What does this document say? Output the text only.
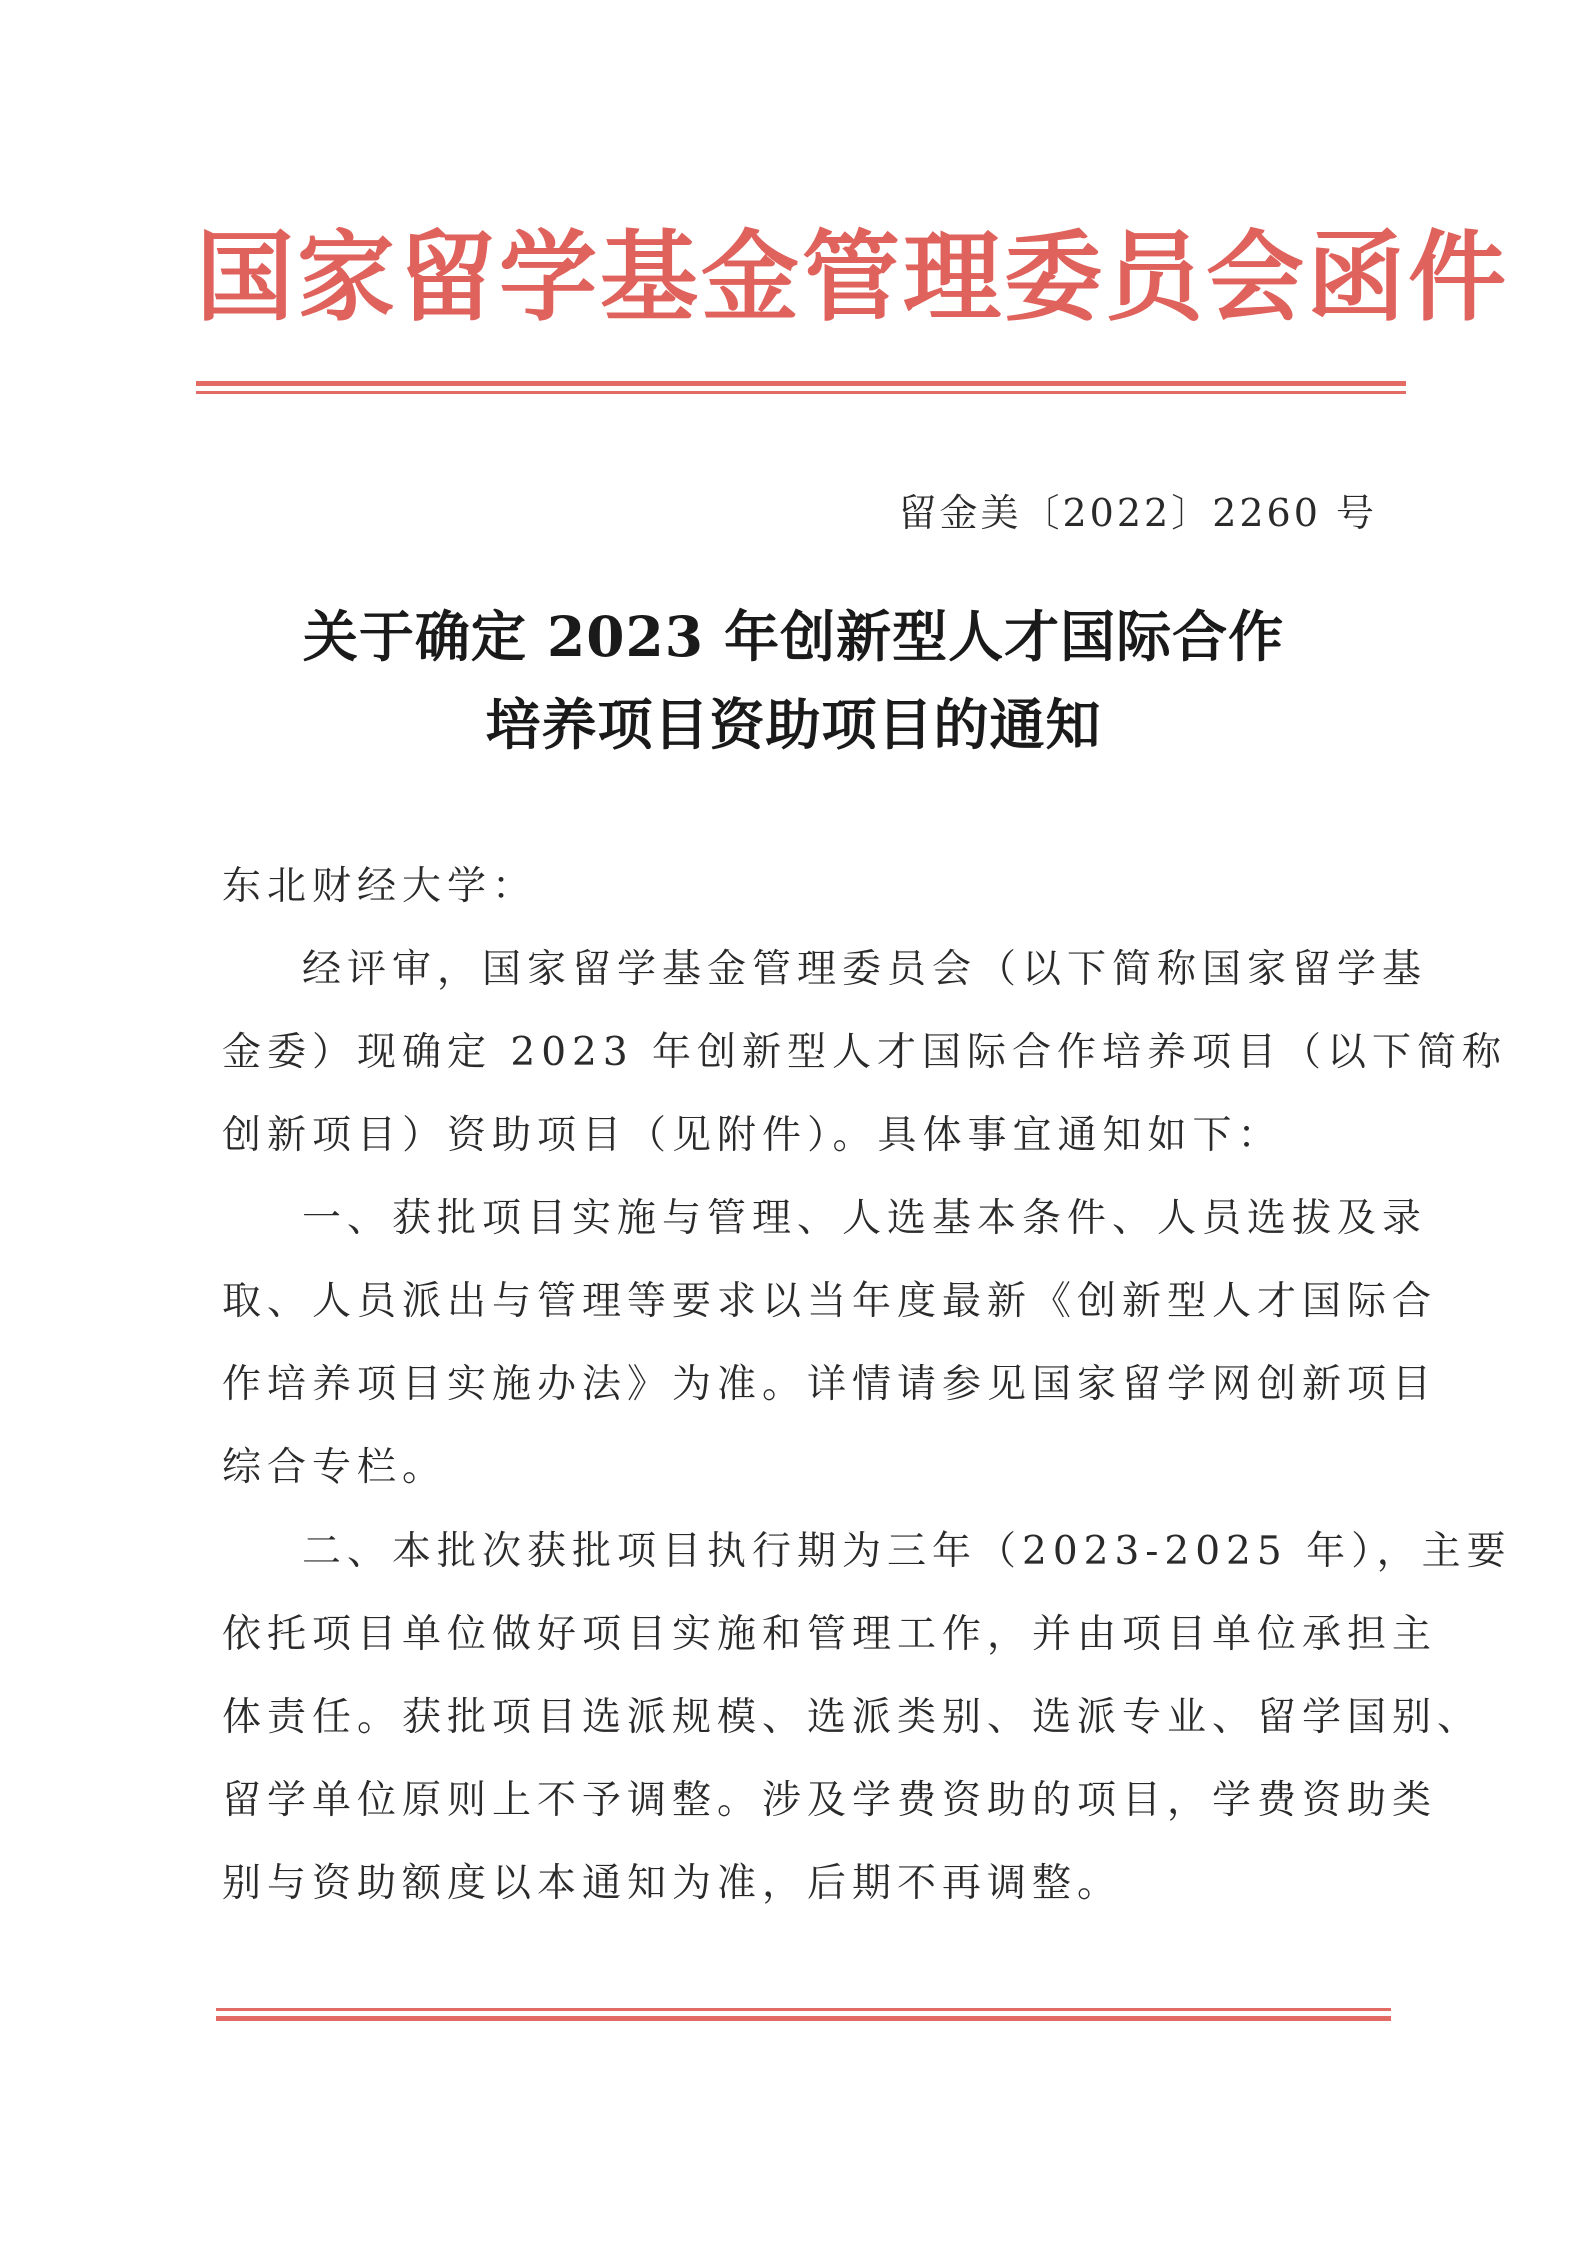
国家留学基金管理委员会函件
留金美〔2022〕2260 号
关于确定 2023 年创新型人才国际合作
培养项目资助项目的通知
东北财经大学：
经评审，国家留学基金管理委员会（以下简称国家留学基
金委）现确定 2023 年创新型人才国际合作培养项目（以下简称
创新项目）资助项目（见附件）。具体事宜通知如下：
一、获批项目实施与管理、人选基本条件、人员选拔及录
取、人员派出与管理等要求以当年度最新《创新型人才国际合
作培养项目实施办法》为准。详情请参见国家留学网创新项目
综合专栏。
二、本批次获批项目执行期为三年（2023-2025 年），主要
依托项目单位做好项目实施和管理工作，并由项目单位承担主
体责任。获批项目选派规模、选派类别、选派专业、留学国别、
留学单位原则上不予调整。涉及学费资助的项目，学费资助类
别与资助额度以本通知为准，后期不再调整。
